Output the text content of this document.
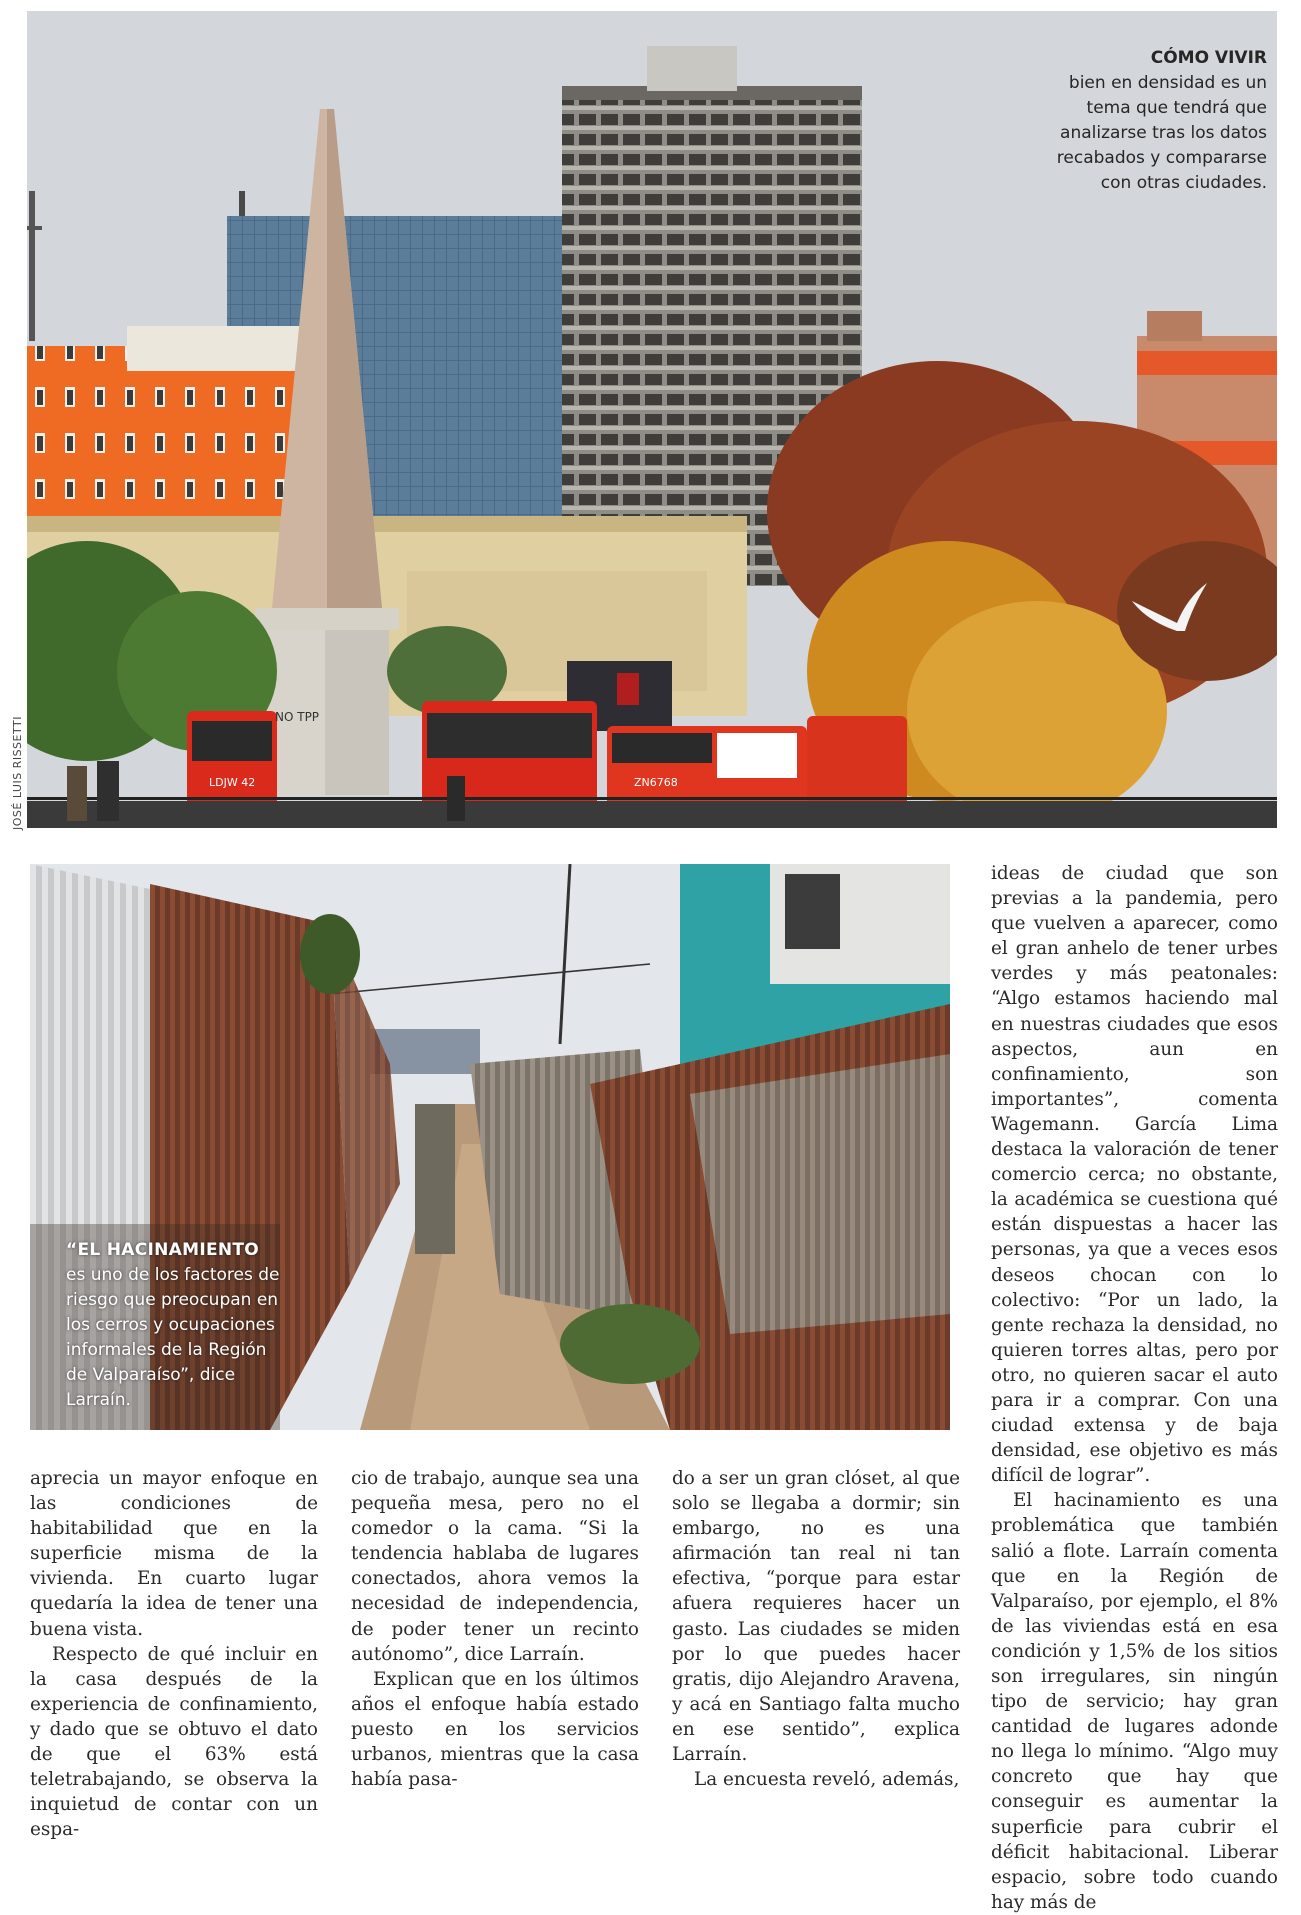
LDJW 42	ZN6768
NO TPP
JOSÉ LUIS RISSETTI
CÓMO VIVIR
bien en densidad es un tema que tendrá que analizarse tras los datos recabados y compararse con otras ciudades.
“EL HACINAMIENTO
es uno de los factores de riesgo que preocupan en los cerros y ocupaciones informales de la Región de Valparaíso”, dice Larraín.

ideas de ciudad que son previas a la pandemia, pero que vuelven a aparecer, como el gran anhelo de tener urbes verdes y más peatonales: “Algo estamos haciendo mal en nuestras ciudades que esos aspectos, aun en confinamiento, son importantes”, comenta Wagemann. García Lima destaca la valoración de tener comercio cerca; no obstante, la académica se cuestiona qué están dispuestas a hacer las personas, ya que a veces esos deseos chocan con lo colectivo: “Por un lado, la gente rechaza la densidad, no quieren torres altas, pero por otro, no quieren sacar el auto para ir a comprar. Con una ciudad extensa y de baja densidad, ese objetivo es más difícil de lograr”.

El hacinamiento es una problemática que también salió a flote. Larraín comenta que en la Región de Valparaíso, por ejemplo, el 8% de las viviendas está en esa condición y 1,5% de los sitios son irregulares, sin ningún tipo de servicio; hay gran cantidad de lugares adonde no llega lo mínimo. “Algo muy concreto que hay que conseguir es aumentar la superficie para cubrir el déficit habitacional. Liberar espacio, sobre todo cuando hay más de

aprecia un mayor enfoque en las condiciones de habitabilidad que en la superficie misma de la vivienda. En cuarto lugar quedaría la idea de tener una buena vista.

Respecto de qué incluir en la casa después de la experiencia de confinamiento, y dado que se obtuvo el dato de que el 63% está teletrabajando, se observa la inquietud de contar con un espa-

cio de trabajo, aunque sea una pequeña mesa, pero no el comedor o la cama. “Si la tendencia hablaba de lugares conectados, ahora vemos la necesidad de independencia, de poder tener un recinto autónomo”, dice Larraín.

Explican que en los últimos años el enfoque había estado puesto en los servicios urbanos, mientras que la casa había pasa-

do a ser un gran clóset, al que solo se llegaba a dormir; sin embargo, no es una afirmación tan real ni tan efectiva, “porque para estar afuera requieres hacer un gasto. Las ciudades se miden por lo que puedes hacer gratis, dijo Alejandro Aravena, y acá en Santiago falta mucho en ese sentido”, explica Larraín.

La encuesta reveló, además,
